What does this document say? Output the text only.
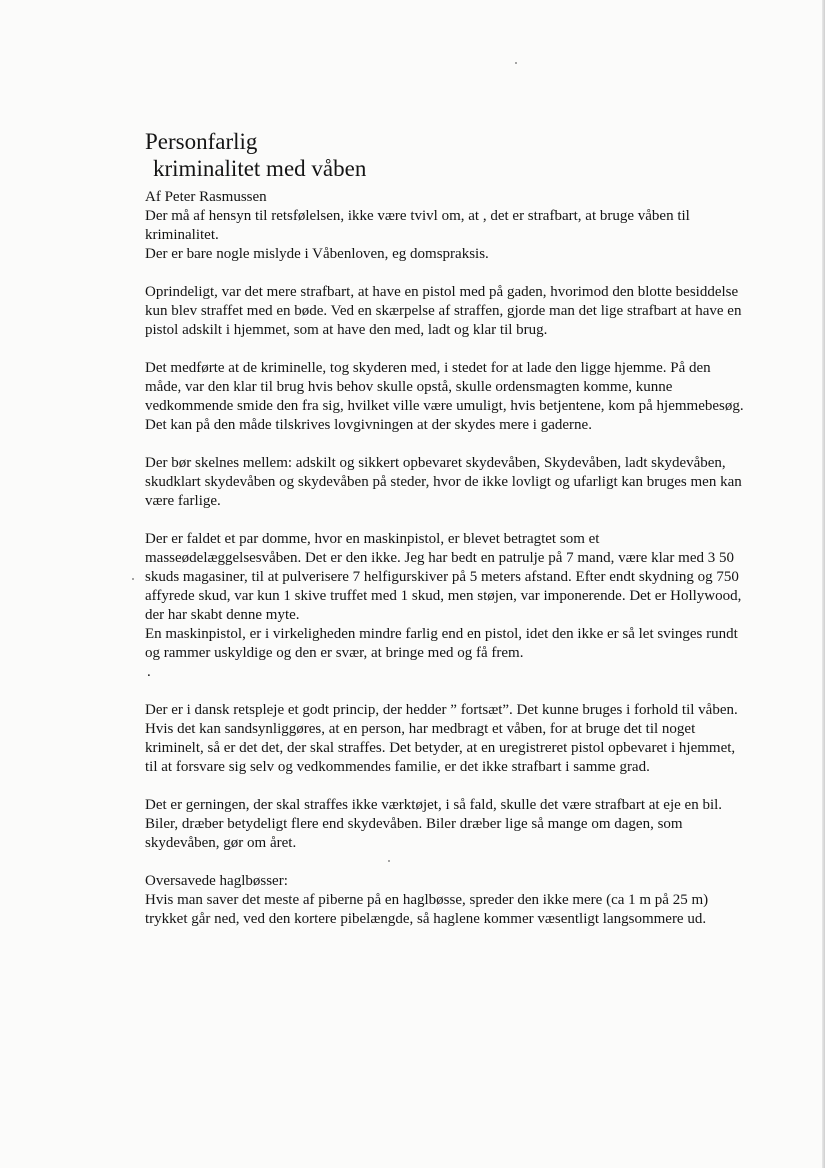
Personfarlig
kriminalitet med våben

Af Peter Rasmussen

Der må af hensyn til retsfølelsen, ikke være tvivl om, at , det er strafbart, at bruge våben til kriminalitet.

Der er bare nogle mislyde i Våbenloven, eg domspraksis.

Oprindeligt, var det mere strafbart, at have en pistol med på gaden, hvorimod den blotte besiddelse kun blev straffet med en bøde. Ved en skærpelse af straffen, gjorde man det lige strafbart at have en pistol adskilt i hjemmet, som at have den med, ladt og klar til brug.

Det medførte at de kriminelle, tog skyderen med, i stedet for at lade den ligge hjemme. På den måde, var den klar til brug hvis behov skulle opstå, skulle ordensmagten komme, kunne vedkommende smide den fra sig, hvilket ville være umuligt, hvis betjentene, kom på hjemmebesøg.

Det kan på den måde tilskrives lovgivningen at der skydes mere i gaderne.

Der bør skelnes mellem: adskilt og sikkert opbevaret skydevåben, Skydevåben, ladt skydevåben, skudklart skydevåben og skydevåben på steder, hvor de ikke lovligt og ufarligt kan bruges men kan være farlige.

Der er faldet et par domme, hvor en maskinpistol, er blevet betragtet som et masseødelæggelsesvåben. Det er den ikke. Jeg har bedt en patrulje på 7 mand, være klar med 3 50 skuds magasiner, til at pulverisere 7 helfigurskiver på 5 meters afstand. Efter endt skydning og 750 affyrede skud, var kun 1 skive truffet med 1 skud, men støjen, var imponerende. Det er Hollywood, der har skabt denne myte.

En maskinpistol, er i virkeligheden mindre farlig end en pistol, idet den ikke er så let svinges rundt og rammer uskyldige og den er svær, at bringe med og få frem.

.

Der er i dansk retspleje et godt princip, der hedder ” fortsæt”. Det kunne bruges i forhold til våben.

Hvis det kan sandsynliggøres, at en person, har medbragt et våben, for at bruge det til noget kriminelt, så er det det, der skal straffes. Det betyder, at en uregistreret pistol opbevaret i hjemmet, til at forsvare sig selv og vedkommendes familie, er det ikke strafbart i samme grad.

Det er gerningen, der skal straffes ikke værktøjet, i så fald, skulle det være strafbart at eje en bil. Biler, dræber betydeligt flere end skydevåben. Biler dræber lige så mange om dagen, som skydevåben, gør om året.

Oversavede haglbøsser:

Hvis man saver det meste af piberne på en haglbøsse, spreder den ikke mere (ca 1 m på 25 m) trykket går ned, ved den kortere pibelængde, så haglene kommer væsentligt langsommere ud.
